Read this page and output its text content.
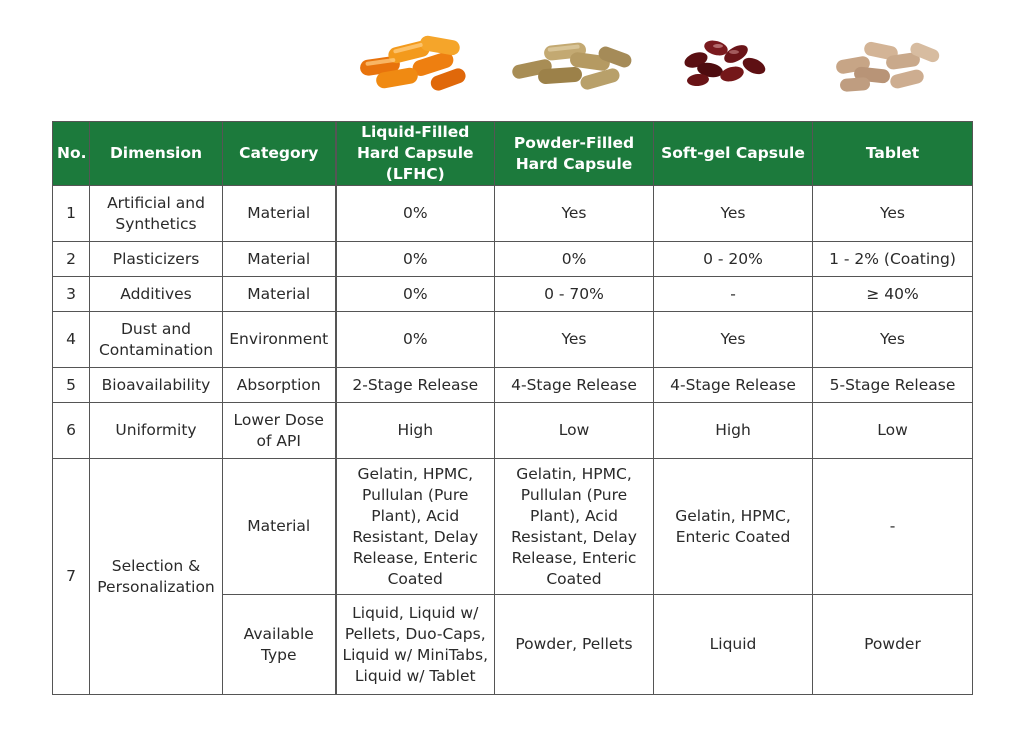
No.	Dimension	Category	Liquid-Filled Hard Capsule (LFHC)	Powder-Filled Hard Capsule	Soft-gel Capsule	Tablet
1	Artificial and Synthetics	Material	0%	Yes	Yes	Yes
2	Plasticizers	Material	0%	0%	0 - 20%	1 - 2% (Coating)
3	Additives	Material	0%	0 - 70%	-	≥ 40%
4	Dust and Contamination	Environment	0%	Yes	Yes	Yes
5	Bioavailability	Absorption	2-Stage Release	4-Stage Release	4-Stage Release	5-Stage Release
6	Uniformity	Lower Dose of API	High	Low	High	Low
7	Selection & Personalization	Material	Gelatin, HPMC, Pullulan (Pure Plant), Acid Resistant, Delay Release, Enteric Coated	Gelatin, HPMC, Pullulan (Pure Plant), Acid Resistant, Delay Release, Enteric Coated	Gelatin, HPMC, Enteric Coated	-
		Available Type	Liquid, Liquid w/ Pellets, Duo-Caps, Liquid w/ MiniTabs, Liquid w/ Tablet	Powder, Pellets	Liquid	Powder
